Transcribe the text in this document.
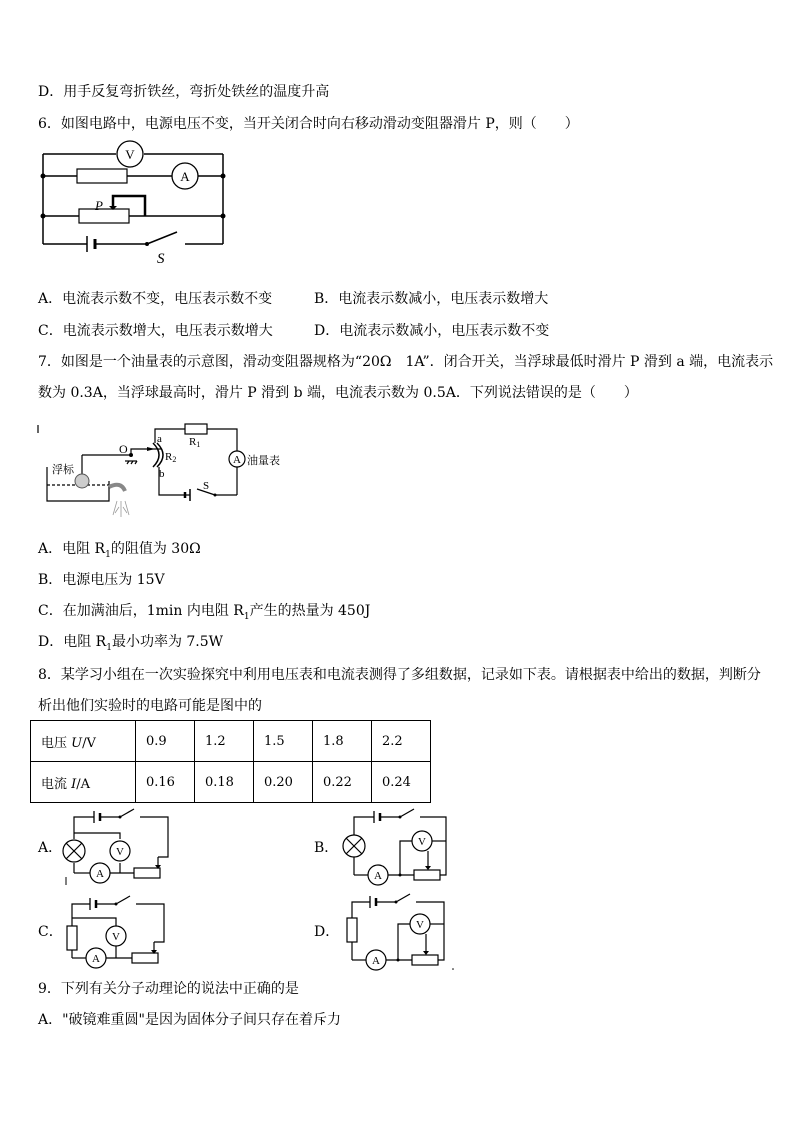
D．用手反复弯折铁丝，弯折处铁丝的温度升高
6．如图电路中，电源电压不变，当开关闭合时向右移动滑动变阻器滑片 P，则（　　）
V
A
P
S
A．电流表示数不变，电压表示数不变	B．电流表示数减小，电压表示数增大
C．电流表示数增大，电压表示数增大	D．电流表示数减小，电压表示数不变
7．如图是一个油量表的示意图，滑动变阻器规格为“20Ω　1A”．闭合开关，当浮球最低时滑片 P 滑到 a 端，电流表示
数为 0.3A，当浮球最高时，滑片 P 滑到 b 端，电流表示数为 0.5A．下列说法错误的是（　　）
A 油量表
浮标
O
a
b
R1
R2
S
A．电阻 $R_1$的阻值为 30Ω
B．电源电压为 15V
C．在加满油后，1min 内电阻 $R_1$产生的热量为 450J
D．电阻 $R_1$最小功率为 7.5W
8．某学习小组在一次实验探究中利用电压表和电流表测得了多组数据，记录如下表。请根据表中给出的数据，判断分
析出他们实验时的电路可能是图中的
电压 U/V	0.9	1.2	1.5	1.8	2.2
电流 I/A	0.16	0.18	0.20	0.22	0.24
A．	V
A
B．	V
A
C．	V
A
D．	V
A
9．下列有关分子动理论的说法中正确的是
A．"破镜难重圆"是因为固体分子间只存在着斥力
